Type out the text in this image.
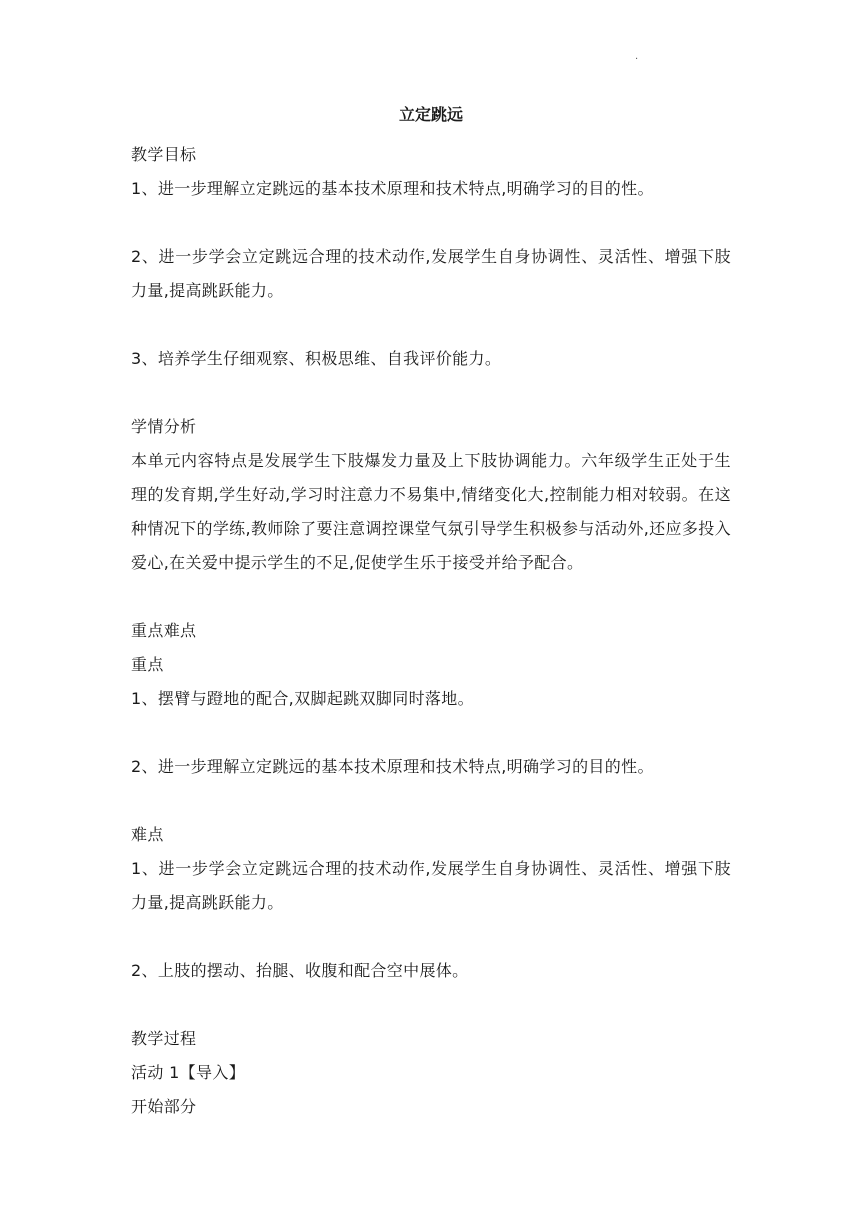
·
立定跳远

教学目标

1、进一步理解立定跳远的基本技术原理和技术特点,明确学习的目的性。

2、进一步学会立定跳远合理的技术动作,发展学生自身协调性、灵活性、增强下肢力量,提高跳跃能力。

3、培养学生仔细观察、积极思维、自我评价能力。

学情分析

本单元内容特点是发展学生下肢爆发力量及上下肢协调能力。六年级学生正处于生理的发育期,学生好动,学习时注意力不易集中,情绪变化大,控制能力相对较弱。在这种情况下的学练,教师除了要注意调控课堂气氛引导学生积极参与活动外,还应多投入爱心,在关爱中提示学生的不足,促使学生乐于接受并给予配合。

重点难点

重点

1、摆臂与蹬地的配合,双脚起跳双脚同时落地。

2、进一步理解立定跳远的基本技术原理和技术特点,明确学习的目的性。

难点

1、进一步学会立定跳远合理的技术动作,发展学生自身协调性、灵活性、增强下肢力量,提高跳跃能力。

2、上肢的摆动、抬腿、收腹和配合空中展体。

教学过程

活动 1【导入】

开始部分
